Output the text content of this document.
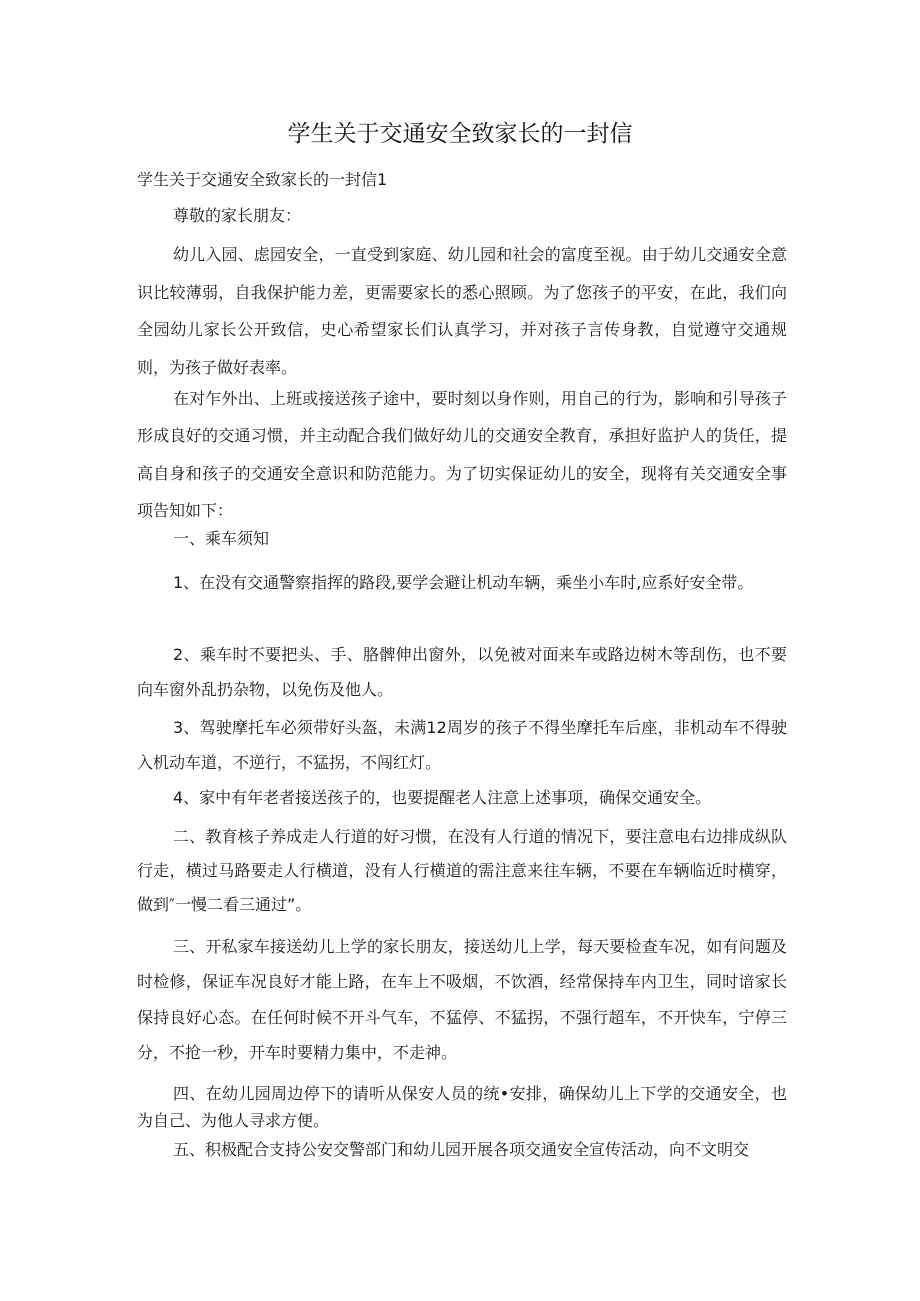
学生关于交通安全致家长的一封信

学生关于交通安全致家长的一封信1

尊敬的家长朋友：

幼儿入园、虑园安全，一直受到家庭、幼儿园和社会的富度至视。由于幼儿交通安全意识比较薄弱，自我保护能力差，更需要家长的悉心照顾。为了您孩子的平安，在此，我们向全园幼儿家长公开致信，史心希望家长们认真学习，并对孩子言传身教，自觉遵守交通规则，为孩子做好表率。

在对乍外出、上班或接送孩子途中，要时刻以身作则，用自己的行为，影响和引导孩子形成良好的交通习惯，并主动配合我们做好幼儿的交通安全教育，承担好监护人的货任，提高自身和孩子的交通安全意识和防范能力。为了切实保证幼儿的安全，现将有关交通安全事项告知如下：

一、乘车须知

1、在没有交通警察指挥的路段,要学会避让机动车辆，乘坐小车时,应系好安全带。

2、乘车时不要把头、手、胳髀伸出窗外，以免被对面来车或路边树木等刮伤，也不要向车窗外乱扔杂物，以免伤及他人。

3、驾驶摩托车必须带好头盔，未满12周岁的孩子不得坐摩托车后座，非机动车不得驶入机动车道，不逆行，不猛拐，不闯红灯。

4、家中有年老者接送孩子的，也要提醒老人注意上述事项，确保交通安全。

二、教育核子养成走人行道的好习惯，在没有人行道的情况下，要注意电右边排成纵队行走，横过马路要走人行横道，没有人行横道的需注意来往车辆，不要在车辆临近时横穿，做到″一慢二看三通过”。

三、开私家车接送幼儿上学的家长朋友，接送幼儿上学，每天要检查车况，如有问题及时检修，保证车况良好才能上路，在车上不吸烟，不饮酒，经常保持车内卫生，同时谙家长保持良好心态。在任何时候不开斗气车，不猛停、不猛拐，不强行超车，不开快车，宁停三分，不抢一秒，开车时要精力集中，不走神。

四、在幼儿园周边停下的请听从保安人员的统•安排，确保幼儿上下学的交通安全，也为自己、为他人寻求方便。

五、积极配合支持公安交警部门和幼儿园开展各项交通安全宣传活动，向不文明交
